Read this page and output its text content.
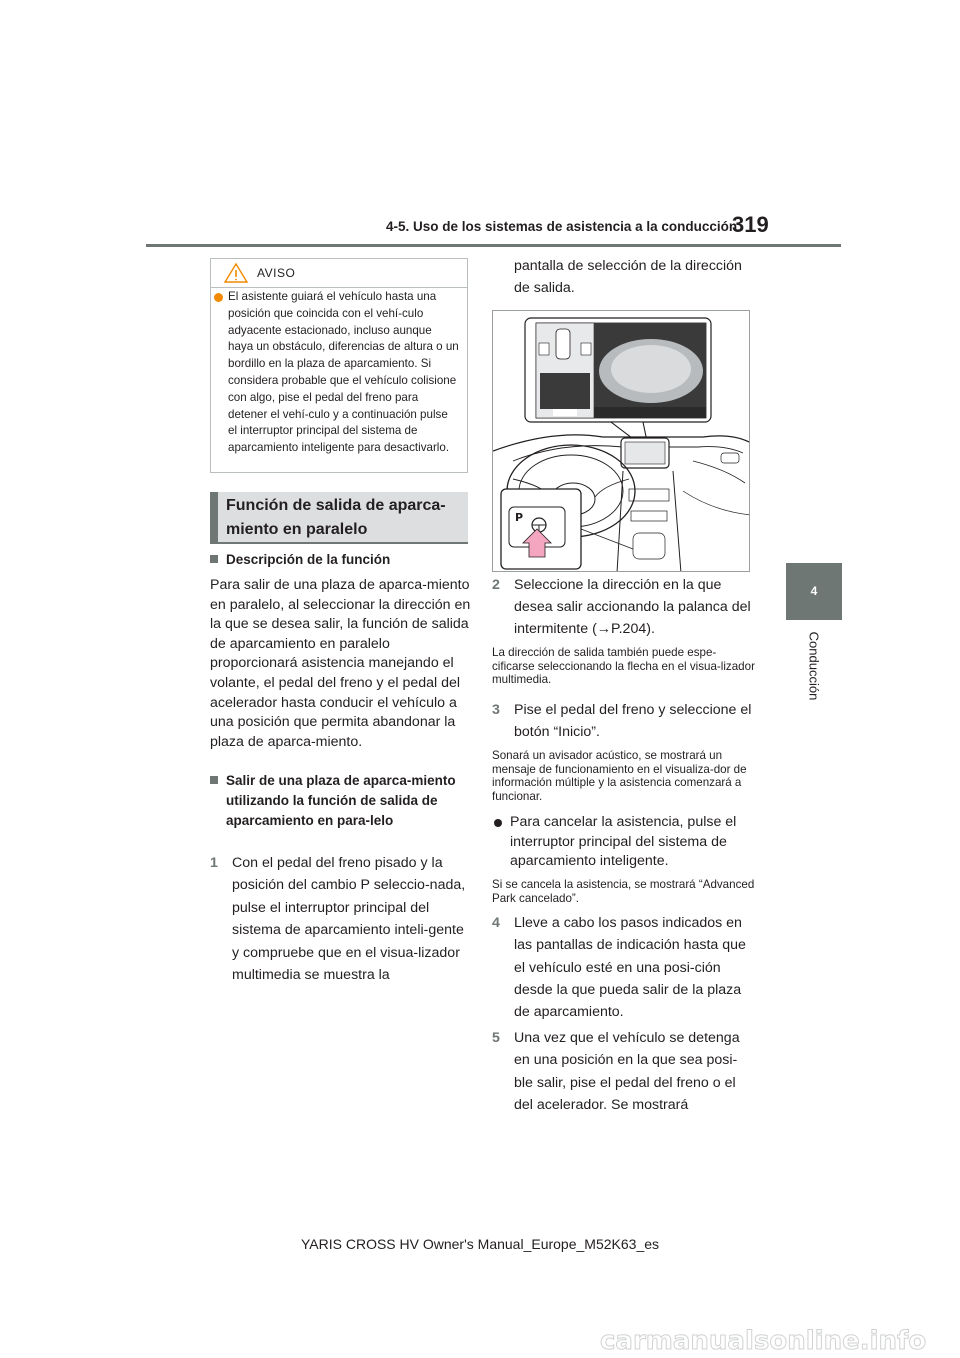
4-5. Uso de los sistemas de asistencia a la conducción
319
4
Conducción
AVISO
El asistente guiará el vehículo hasta una posición que coincida con el vehí-culo adyacente estacionado, incluso aunque haya un obstáculo, diferencias de altura o un bordillo en la plaza de aparcamiento. Si considera probable que el vehículo colisione con algo, pise el pedal del freno para detener el vehí-culo y a continuación pulse el interruptor principal del sistema de aparcamiento inteligente para desactivarlo.
Función de salida de aparca-miento en paralelo
Descripción de la función
Para salir de una plaza de aparca-miento en paralelo, al seleccionar la dirección en la que se desea salir, la función de salida de aparcamiento en paralelo proporcionará asistencia manejando el volante, el pedal del freno y el pedal del acelerador hasta conducir el vehículo a una posición que permita abandonar la plaza de aparca-miento.
Salir de una plaza de aparca-miento utilizando la función de salida de aparcamiento en para-lelo
1 Con el pedal del freno pisado y la posición del cambio P seleccio-nada, pulse el interruptor principal del sistema de aparcamiento inteli-gente y compruebe que en el visua-lizador multimedia se muestra la
pantalla de selección de la dirección de salida.
P
2 Seleccione la dirección en la que desea salir accionando la palanca del intermitente (→P.204).
La dirección de salida también puede espe-cificarse seleccionando la flecha en el visua-lizador multimedia.
3 Pise el pedal del freno y seleccione el botón “Inicio”.
Sonará un avisador acústico, se mostrará un mensaje de funcionamiento en el visualiza-dor de información múltiple y la asistencia comenzará a funcionar.
Para cancelar la asistencia, pulse el interruptor principal del sistema de aparcamiento inteligente.
Si se cancela la asistencia, se mostrará “Advanced Park cancelado”.
4 Lleve a cabo los pasos indicados en las pantallas de indicación hasta que el vehículo esté en una posi-ción desde la que pueda salir de la plaza de aparcamiento.
5 Una vez que el vehículo se detenga en una posición en la que sea posi-ble salir, pise el pedal del freno o el del acelerador. Se mostrará
YARIS CROSS HV Owner's Manual_Europe_M52K63_es
carmanualsonline.info
